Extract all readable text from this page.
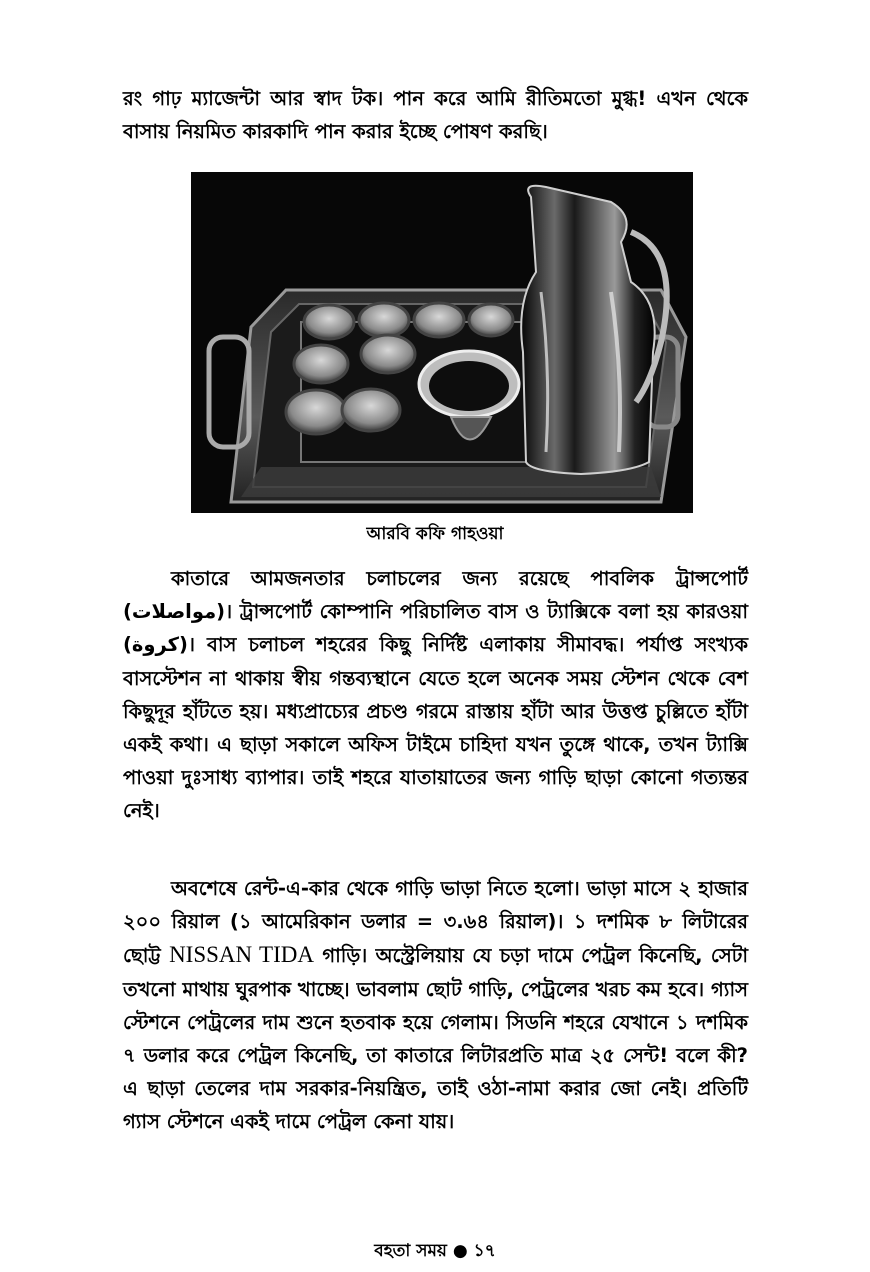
রং গাঢ় ম্যাজেন্টা আর স্বাদ টক। পান করে আমি রীতিমতো মুগ্ধ! এখন থেকে বাসায় নিয়মিত কারকাদি পান করার ইচ্ছে পোষণ করছি।

আরবি কফি গাহওয়া

কাতারে আমজনতার চলাচলের জন্য রয়েছে পাবলিক ট্রান্সপোর্ট (مواصلات)। ট্রান্সপোর্ট কোম্পানি পরিচালিত বাস ও ট্যাক্সিকে বলা হয় কারওয়া (كروة)। বাস চলাচল শহরের কিছু নির্দিষ্ট এলাকায় সীমাবদ্ধ। পর্যাপ্ত সংখ্যক বাসস্টেশন না থাকায় স্বীয় গন্তব্যস্থানে যেতে হলে অনেক সময় স্টেশন থেকে বেশ কিছুদূর হাঁটতে হয়। মধ্যপ্রাচ্যের প্রচণ্ড গরমে রাস্তায় হাঁটা আর উত্তপ্ত চুল্লিতে হাঁটা একই কথা। এ ছাড়া সকালে অফিস টাইমে চাহিদা যখন তুঙ্গে থাকে, তখন ট্যাক্সি পাওয়া দুঃসাধ্য ব্যাপার। তাই শহরে যাতায়াতের জন্য গাড়ি ছাড়া কোনো গত্যন্তর নেই।

অবশেষে রেন্ট-এ-কার থেকে গাড়ি ভাড়া নিতে হলো। ভাড়া মাসে ২ হাজার ২০০ রিয়াল (১ আমেরিকান ডলার = ৩.৬৪ রিয়াল)। ১ দশমিক ৮ লিটারের ছোট্ট NISSAN TIDA গাড়ি। অস্ট্রেলিয়ায় যে চড়া দামে পেট্রল কিনেছি, সেটা তখনো মাথায় ঘুরপাক খাচ্ছে। ভাবলাম ছোট গাড়ি, পেট্রলের খরচ কম হবে। গ্যাস স্টেশনে পেট্রলের দাম শুনে হতবাক হয়ে গেলাম। সিডনি শহরে যেখানে ১ দশমিক ৭ ডলার করে পেট্রল কিনেছি, তা কাতারে লিটারপ্রতি মাত্র ২৫ সেন্ট! বলে কী? এ ছাড়া তেলের দাম সরকার-নিয়ন্ত্রিত, তাই ওঠা-নামা করার জো নেই। প্রতিটি গ্যাস স্টেশনে একই দামে পেট্রল কেনা যায়।

বহতা সময় ● ১৭
